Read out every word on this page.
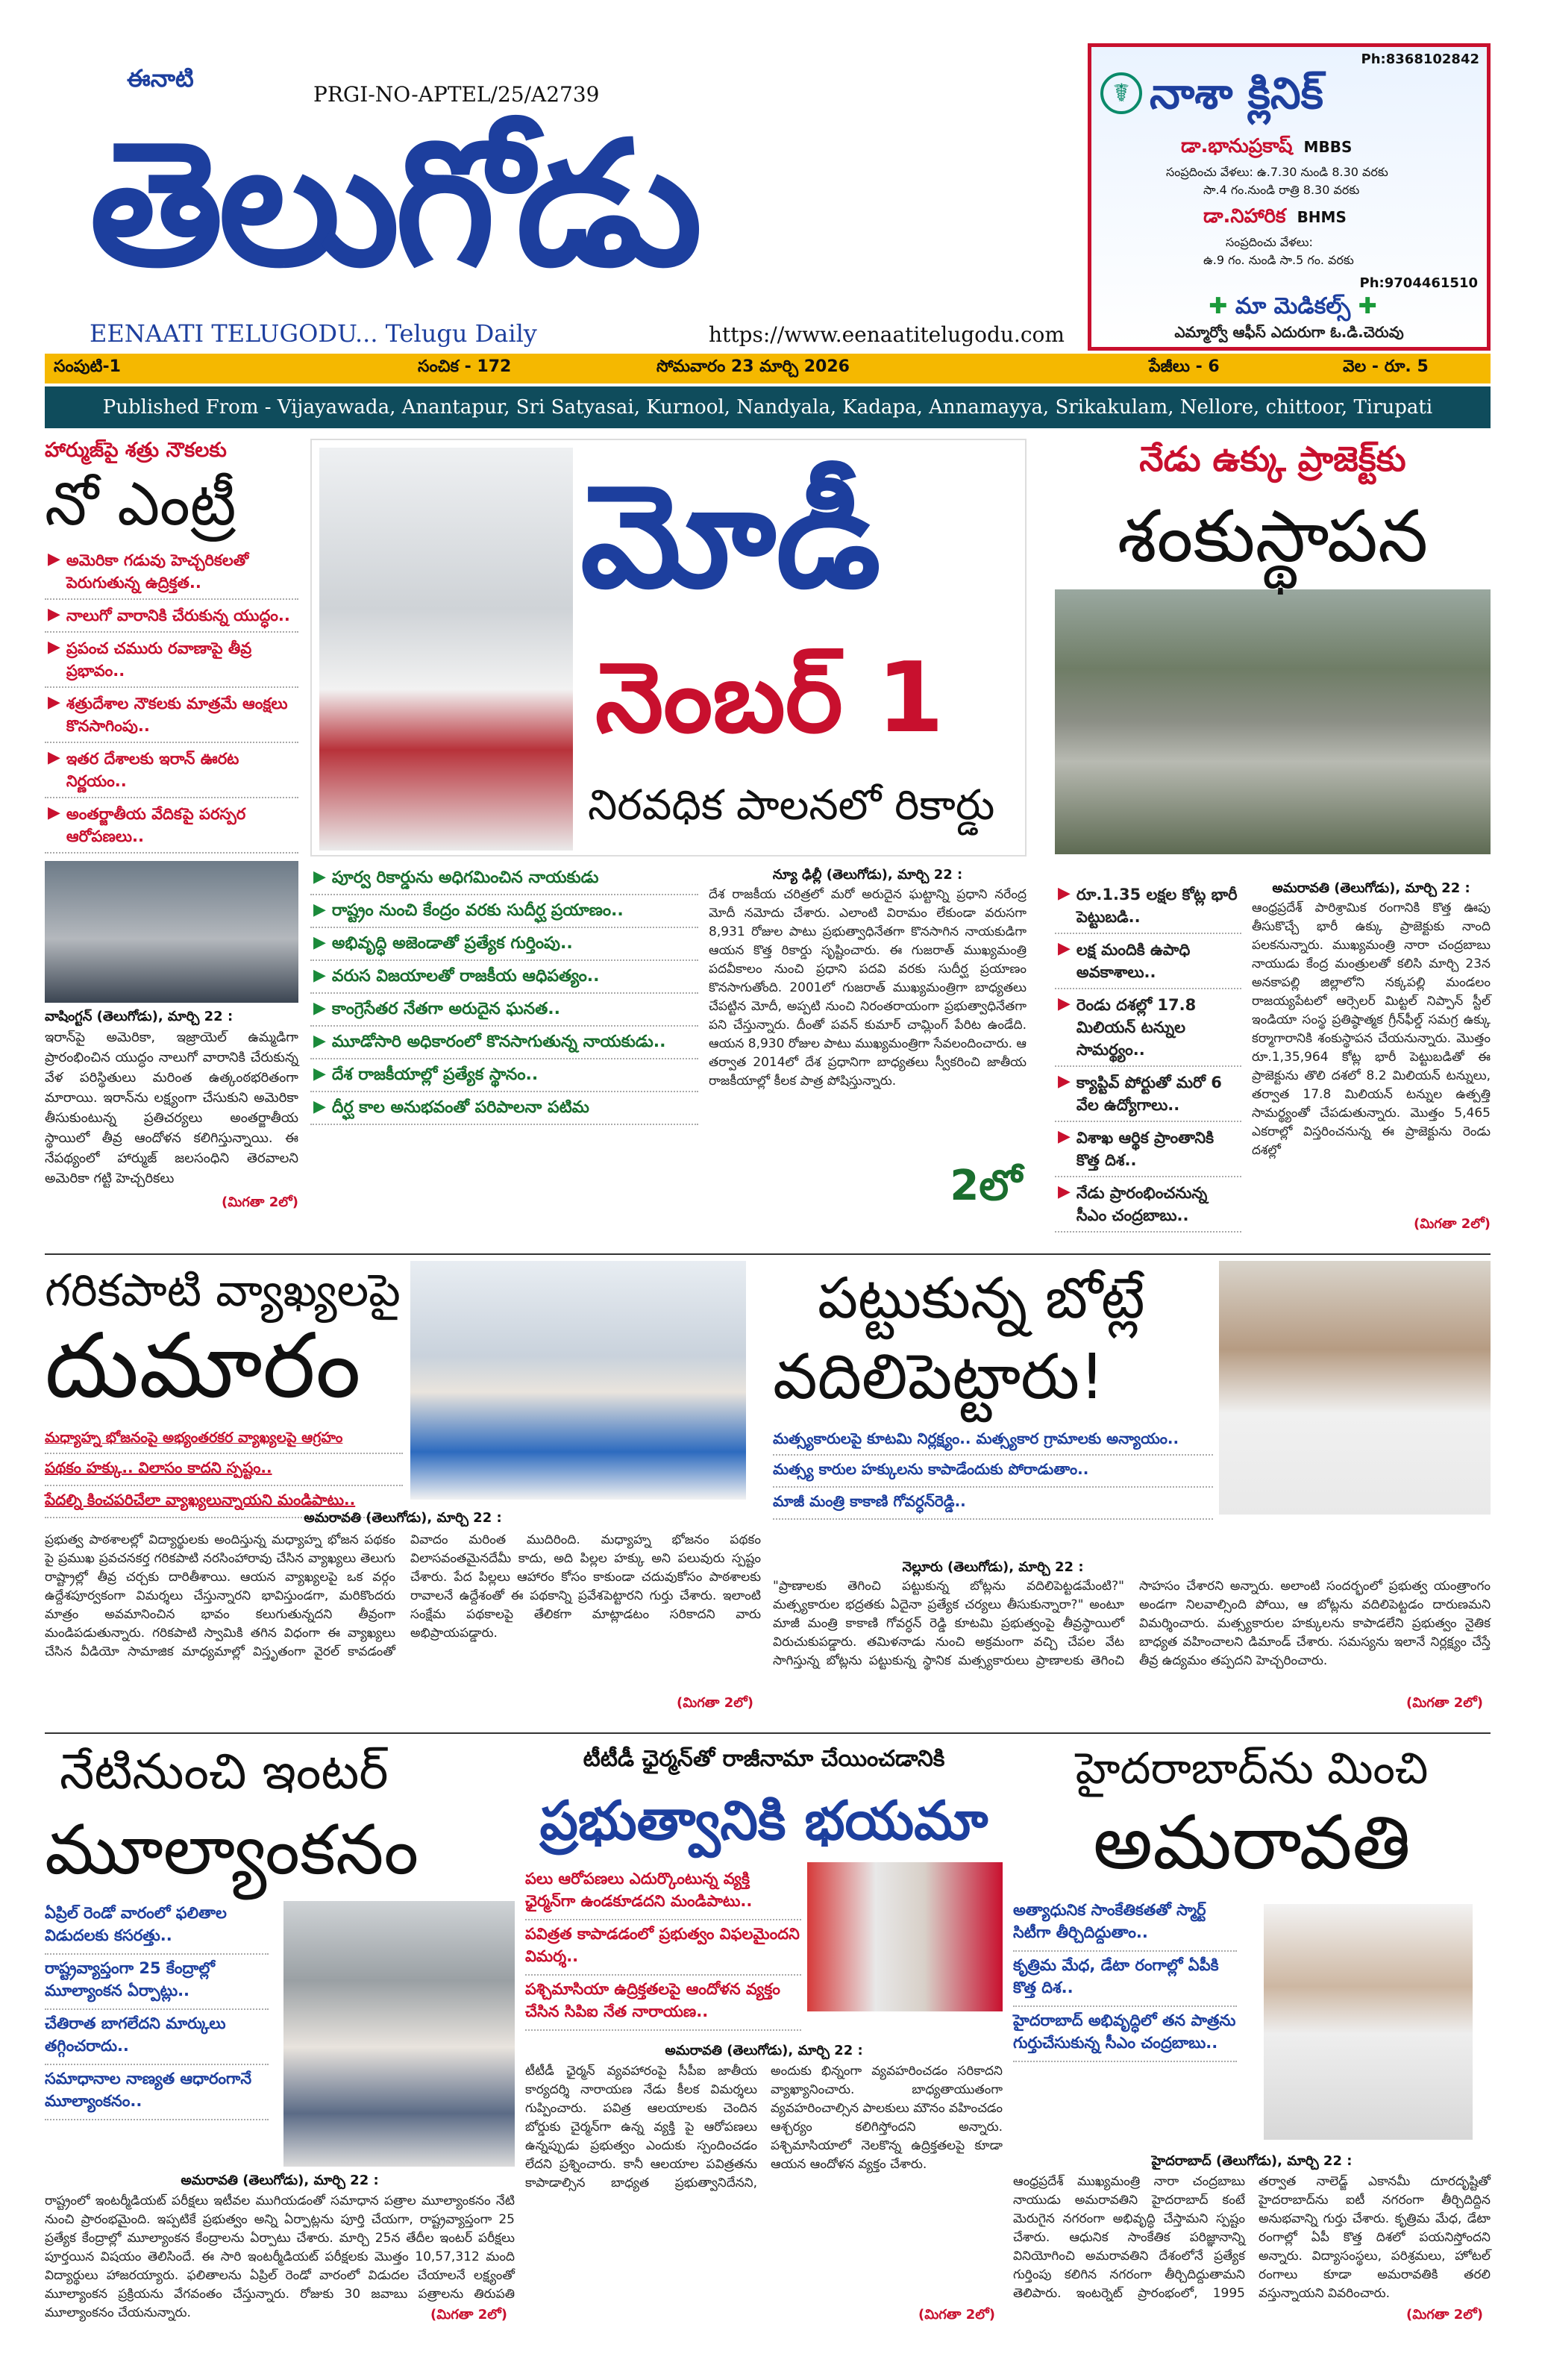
ఈనాటి
PRGI-NO-APTEL/25/A2739
తెలుగోడు
EENAATI TELUGODU... Telugu Daily	https://www.eenaatitelugodu.com
Ph:8368102842
☤ నాశా క్లినిక్
డా.భానుప్రకాష్ MBBS
సంప్రదించు వేళలు: ఉ.7.30 నుండి 8.30 వరకు
సా.4 గం.నుండి రాత్రి 8.30 వరకు
డా.నిహారిక BHMS
సంప్రదించు వేళలు:
ఉ.9 గం. నుండి సా.5 గం. వరకు
Ph:9704461510
✚ మా మెడికల్స్ ✚
ఎమ్మార్వో ఆఫీస్ ఎదురుగా ఓ.డి.చెరువు
సంపుటి-1	సంచిక - 172	సోమవారం 23 మార్చి 2026	పేజీలు - 6	వెల - రూ. 5
Published From - Vijayawada, Anantapur, Sri Satyasai, Kurnool, Nandyala, Kadapa, Annamayya, Srikakulam, Nellore, chittoor, Tirupati
హార్ముజ్‌పై శత్రు నౌకలకు
నో ఎంట్రీ
▶ అమెరికా గడువు హెచ్చరికలతో పెరుగుతున్న ఉద్రిక్తత..
▶ నాలుగో వారానికి చేరుకున్న యుద్ధం..
▶ ప్రపంచ చమురు రవాణాపై తీవ్ర ప్రభావం..
▶ శత్రుదేశాల నౌకలకు మాత్రమే ఆంక్షలు కొనసాగింపు..
▶ ఇతర దేశాలకు ఇరాన్ ఊరట నిర్ణయం..
▶ అంతర్జాతీయ వేదికపై పరస్పర ఆరోపణలు..
వాషింగ్టన్ (తెలుగోడు), మార్చి 22 :
ఇరాన్‌పై అమెరికా, ఇజ్రాయెల్ ఉమ్మడిగా ప్రారంభించిన యుద్ధం నాలుగో వారానికి చేరుకున్న వేళ పరిస్థితులు మరింత ఉత్కంఠభరితంగా మారాయి. ఇరాన్‌ను లక్ష్యంగా చేసుకుని అమెరికా తీసుకుంటున్న ప్రతిచర్యలు అంతర్జాతీయ స్థాయిలో తీవ్ర ఆందోళన కలిగిస్తున్నాయి. ఈ నేపథ్యంలో హార్ముజ్ జలసంధిని తెరవాలని అమెరికా గట్టి హెచ్చరికలు
(మిగతా 2లో)
మోడీ
నెంబర్ 1
నిరవధిక పాలనలో రికార్డు
▶ పూర్వ రికార్డును అధిగమించిన నాయకుడు
▶ రాష్ట్రం నుంచి కేంద్రం వరకు సుదీర్ఘ ప్రయాణం..
▶ అభివృద్ధి అజెండాతో ప్రత్యేక గుర్తింపు..
▶ వరుస విజయాలతో రాజకీయ ఆధిపత్యం..
▶ కాంగ్రెసేతర నేతగా అరుదైన ఘనత..
▶ మూడోసారి అధికారంలో కొనసాగుతున్న నాయకుడు..
▶ దేశ రాజకీయాల్లో ప్రత్యేక స్థానం..
▶ దీర్ఘ కాల అనుభవంతో పరిపాలనా పటిమ
న్యూ ఢిల్లీ (తెలుగోడు), మార్చి 22 :
దేశ రాజకీయ చరిత్రలో మరో అరుదైన ఘట్టాన్ని ప్రధాని నరేంద్ర మోదీ నమోదు చేశారు. ఎలాంటి విరామం లేకుండా వరుసగా 8,931 రోజుల పాటు ప్రభుత్వాధినేతగా కొనసాగిన నాయకుడిగా ఆయన కొత్త రికార్డు సృష్టించారు. ఈ గుజరాత్ ముఖ్యమంత్రి పదవీకాలం నుంచి ప్రధాని పదవి వరకు సుదీర్ఘ ప్రయాణం కొనసాగుతోంది. 2001లో గుజరాత్ ముఖ్యమంత్రిగా బాధ్యతలు చేపట్టిన మోదీ, అప్పటి నుంచి నిరంతరాయంగా ప్రభుత్వాధినేతగా పని చేస్తున్నారు. దీంతో పవన్ కుమార్ చామ్లింగ్ పేరిట ఉండేది. ఆయన 8,930 రోజుల పాటు ముఖ్యమంత్రిగా సేవలందించారు. ఆ తర్వాత 2014లో దేశ ప్రధానిగా బాధ్యతలు స్వీకరించి జాతీయ రాజకీయాల్లో కీలక పాత్ర పోషిస్తున్నారు.
2లో
నేడు ఉక్కు ప్రాజెక్ట్‌కు
శంకుస్థాపన
▶ రూ.1.35 లక్షల కోట్ల భారీ పెట్టుబడి..
▶ లక్ష మందికి ఉపాధి అవకాశాలు..
▶ రెండు దశల్లో 17.8 మిలియన్ టన్నుల సామర్థ్యం..
▶ క్యాప్టివ్ పోర్టుతో మరో 6 వేల ఉద్యోగాలు..
▶ విశాఖ ఆర్థిక ప్రాంతానికి కొత్త దిశ..
▶ నేడు ప్రారంభించనున్న సీఎం చంద్రబాబు..
అమరావతి (తెలుగోడు), మార్చి 22 :
ఆంధ్రప్రదేశ్ పారిశ్రామిక రంగానికి కొత్త ఊపు తీసుకొచ్చే భారీ ఉక్కు ప్రాజెక్టుకు నాంది పలకనున్నారు. ముఖ్యమంత్రి నారా చంద్రబాబు నాయుడు కేంద్ర మంత్రులతో కలిసి మార్చి 23న అనకాపల్లి జిల్లాలోని నక్కపల్లి మండలం రాజయ్యపేటలో ఆర్సెలర్ మిట్టల్ నిప్పాన్ స్టీల్ ఇండియా సంస్థ ప్రతిష్ఠాత్మక గ్రీన్‌ఫీల్డ్ సమగ్ర ఉక్కు కర్మాగారానికి శంకుస్థాపన చేయనున్నారు. మొత్తం రూ.1,35,964 కోట్ల భారీ పెట్టుబడితో ఈ ప్రాజెక్టును తొలి దశలో 8.2 మిలియన్ టన్నులు, తర్వాత 17.8 మిలియన్ టన్నుల ఉత్పత్తి సామర్థ్యంతో చేపడుతున్నారు. మొత్తం 5,465 ఎకరాల్లో విస్తరించనున్న ఈ ప్రాజెక్టును రెండు దశల్లో
(మిగతా 2లో)
గరికపాటి వ్యాఖ్యలపై
దుమారం
మధ్యాహ్న భోజనంపై అభ్యంతరకర వ్యాఖ్యలపై ఆగ్రహం
పథకం హక్కు.. విలాసం కాదని స్పష్టం..
పేదల్ని కించపరిచేలా వ్యాఖ్యలున్నాయని మండిపాటు..
అమరావతి (తెలుగోడు), మార్చి 22 :
ప్రభుత్వ పాఠశాలల్లో విద్యార్థులకు అందిస్తున్న మధ్యాహ్న భోజన పథకం పై ప్రముఖ ప్రవచనకర్త గరికపాటి నరసింహారావు చేసిన వ్యాఖ్యలు తెలుగు రాష్ట్రాల్లో తీవ్ర చర్చకు దారితీశాయి. ఆయన వ్యాఖ్యలపై ఒక వర్గం ఉద్దేశపూర్వకంగా విమర్శలు చేస్తున్నారని భావిస్తుండగా, మరికొందరు మాత్రం అవమానించిన భావం కలుగుతున్నదని తీవ్రంగా మండిపడుతున్నారు. గరికపాటి స్వామికి తగిన విధంగా ఈ వ్యాఖ్యలు చేసిన వీడియో సామాజిక మాధ్యమాల్లో విస్తృతంగా వైరల్ కావడంతో వివాదం మరింత ముదిరింది. మధ్యాహ్న భోజనం పథకం విలాసవంతమైనదేమీ కాదు, అది పిల్లల హక్కు అని పలువురు స్పష్టం చేశారు. పేద పిల్లలు ఆహారం కోసం కాకుండా చదువుకోసం పాఠశాలకు రావాలనే ఉద్దేశంతో ఈ పథకాన్ని ప్రవేశపెట్టారని గుర్తు చేశారు. ఇలాంటి సంక్షేమ పథకాలపై తేలికగా మాట్లాడటం సరికాదని వారు అభిప్రాయపడ్డారు.
(మిగతా 2లో)
పట్టుకున్న బోట్లే
వదిలిపెట్టారు!
మత్స్యకారులపై కూటమి నిర్లక్ష్యం.. మత్స్యకార గ్రామాలకు అన్యాయం..
మత్స్య కారుల హక్కులను కాపాడేందుకు పోరాడుతాం..
మాజీ మంత్రి కాకాణి గోవర్ధన్‌రెడ్డి..
నెల్లూరు (తెలుగోడు), మార్చి 22 :
"ప్రాణాలకు తెగించి పట్టుకున్న బోట్లను వదిలిపెట్టడమేంటి?" మత్స్యకారుల భద్రతకు ఏదైనా ప్రత్యేక చర్యలు తీసుకున్నారా?" అంటూ మాజీ మంత్రి కాకాణి గోవర్ధన్ రెడ్డి కూటమి ప్రభుత్వంపై తీవ్రస్థాయిలో విరుచుకుపడ్డారు. తమిళనాడు నుంచి అక్రమంగా వచ్చి చేపల వేట సాగిస్తున్న బోట్లను పట్టుకున్న స్థానిక మత్స్యకారులు ప్రాణాలకు తెగించి సాహసం చేశారని అన్నారు. అలాంటి సందర్భంలో ప్రభుత్వ యంత్రాంగం అండగా నిలవాల్సింది పోయి, ఆ బోట్లను వదిలిపెట్టడం దారుణమని విమర్శించారు. మత్స్యకారుల హక్కులను కాపాడలేని ప్రభుత్వం నైతిక బాధ్యత వహించాలని డిమాండ్ చేశారు. సమస్యను ఇలానే నిర్లక్ష్యం చేస్తే తీవ్ర ఉద్యమం తప్పదని హెచ్చరించారు.
(మిగతా 2లో)
నేటినుంచి ఇంటర్
మూల్యాంకనం
ఏప్రిల్ రెండో వారంలో ఫలితాల విడుదలకు కసరత్తు..
రాష్ట్రవ్యాప్తంగా 25 కేంద్రాల్లో మూల్యాంకన ఏర్పాట్లు..
చేతిరాత బాగలేదని మార్కులు తగ్గించరాదు..
సమాధానాల నాణ్యత ఆధారంగానే మూల్యాంకనం..
అమరావతి (తెలుగోడు), మార్చి 22 :
రాష్ట్రంలో ఇంటర్మీడియట్ పరీక్షలు ఇటీవల ముగియడంతో సమాధాన పత్రాల మూల్యాంకనం నేటి నుంచి ప్రారంభమైంది. ఇప్పటికే ప్రభుత్వం అన్ని ఏర్పాట్లను పూర్తి చేయగా, రాష్ట్రవ్యాప్తంగా 25 ప్రత్యేక కేంద్రాల్లో మూల్యాంకన కేంద్రాలను ఏర్పాటు చేశారు. మార్చి 25న తేదీల ఇంటర్ పరీక్షలు పూర్తయిన విషయం తెలిసిందే. ఈ సారి ఇంటర్మీడియట్ పరీక్షలకు మొత్తం 10,57,312 మంది విద్యార్థులు హాజరయ్యారు. ఫలితాలను ఏప్రిల్ రెండో వారంలో విడుదల చేయాలనే లక్ష్యంతో మూల్యాంకన ప్రక్రియను వేగవంతం చేస్తున్నారు. రోజుకు 30 జవాబు పత్రాలను తిరుపతి మూల్యాంకనం చేయనున్నారు.	(మిగతా 2లో)
టీటీడీ ఛైర్మన్‌తో రాజీనామా చేయించడానికి
ప్రభుత్వానికి భయమా
పలు ఆరోపణలు ఎదుర్కొంటున్న వ్యక్తి ఛైర్మన్‌గా ఉండకూడదని మండిపాటు..
పవిత్రత కాపాడడంలో ప్రభుత్వం విఫలమైందని విమర్శ..
పశ్చిమాసియా ఉద్రిక్తతలపై ఆందోళన వ్యక్తం చేసిన సిపిఐ నేత నారాయణ..
అమరావతి (తెలుగోడు), మార్చి 22 :
టీటీడీ ఛైర్మన్ వ్యవహారంపై సీపీఐ జాతీయ కార్యదర్శి నారాయణ నేడు కీలక విమర్శలు గుప్పించారు. పవిత్ర ఆలయాలకు చెందిన బోర్డుకు చైర్మన్‌గా ఉన్న వ్యక్తి పై ఆరోపణలు ఉన్నప్పుడు ప్రభుత్వం ఎందుకు స్పందించడం లేదని ప్రశ్నించారు. కానీ ఆలయాల పవిత్రతను కాపాడాల్సిన బాధ్యత ప్రభుత్వానిదేనని, అందుకు భిన్నంగా వ్యవహరించడం సరికాదని వ్యాఖ్యానించారు. బాధ్యతాయుతంగా వ్యవహరించాల్సిన పాలకులు మౌనం వహించడం ఆశ్చర్యం కలిగిస్తోందని అన్నారు. పశ్చిమాసియాలో నెలకొన్న ఉద్రిక్తతలపై కూడా ఆయన ఆందోళన వ్యక్తం చేశారు.
(మిగతా 2లో)
హైదరాబాద్‌ను మించి
అమరావతి
అత్యాధునిక సాంకేతికతతో స్మార్ట్ సిటీగా తీర్చిదిద్దుతాం..
కృత్రిమ మేధ, డేటా రంగాల్లో ఏపీకి కొత్త దిశ..
హైదరాబాద్ అభివృద్ధిలో తన పాత్రను గుర్తుచేసుకున్న సీఎం చంద్రబాబు..
హైదరాబాద్ (తెలుగోడు), మార్చి 22 :
ఆంధ్రప్రదేశ్ ముఖ్యమంత్రి నారా చంద్రబాబు నాయుడు అమరావతిని హైదరాబాద్ కంటే మెరుగైన నగరంగా అభివృద్ధి చేస్తామని స్పష్టం చేశారు. ఆధునిక సాంకేతిక పరిజ్ఞానాన్ని వినియోగించి అమరావతిని దేశంలోనే ప్రత్యేక గుర్తింపు కలిగిన నగరంగా తీర్చిదిద్దుతామని తెలిపారు. ఇంటర్నెట్ ప్రారంభంలో, 1995 తర్వాత నాలెడ్జ్ ఎకానమీ దూరదృష్టితో హైదరాబాద్‌ను ఐటీ నగరంగా తీర్చిదిద్దిన అనుభవాన్ని గుర్తు చేశారు. కృత్రిమ మేధ, డేటా రంగాల్లో ఏపీ కొత్త దిశలో పయనిస్తోందని అన్నారు. విద్యాసంస్థలు, పరిశ్రమలు, హోటల్ రంగాలు కూడా అమరావతికి తరలి వస్తున్నాయని వివరించారు.
(మిగతా 2లో)
